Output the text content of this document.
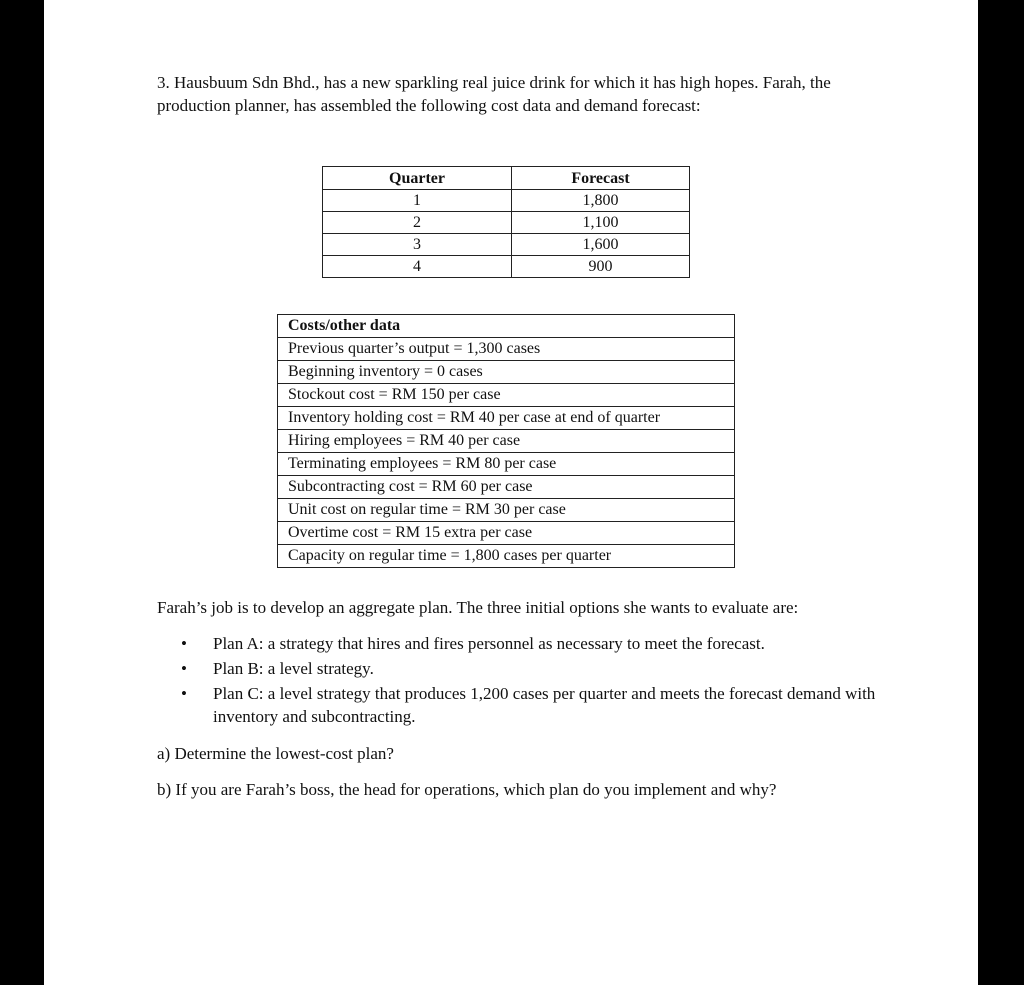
3. Hausbuum Sdn Bhd., has a new sparkling real juice drink for which it has high hopes. Farah, the production planner, has assembled the following cost data and demand forecast:

Quarter	Forecast
1	1,800
2	1,100
3	1,600
4	900
Costs/other data
Previous quarter’s output = 1,300 cases
Beginning inventory = 0 cases
Stockout cost = RM 150 per case
Inventory holding cost = RM 40 per case at end of quarter
Hiring employees = RM 40 per case
Terminating employees = RM 80 per case
Subcontracting cost = RM 60 per case
Unit cost on regular time = RM 30 per case
Overtime cost = RM 15 extra per case
Capacity on regular time = 1,800 cases per quarter

Farah’s job is to develop an aggregate plan. The three initial options she wants to evaluate are:

• Plan A: a strategy that hires and fires personnel as necessary to meet the forecast.
• Plan B: a level strategy.
• Plan C: a level strategy that produces 1,200 cases per quarter and meets the forecast demand with inventory and subcontracting.

a) Determine the lowest-cost plan?

b) If you are Farah’s boss, the head for operations, which plan do you implement and why?
